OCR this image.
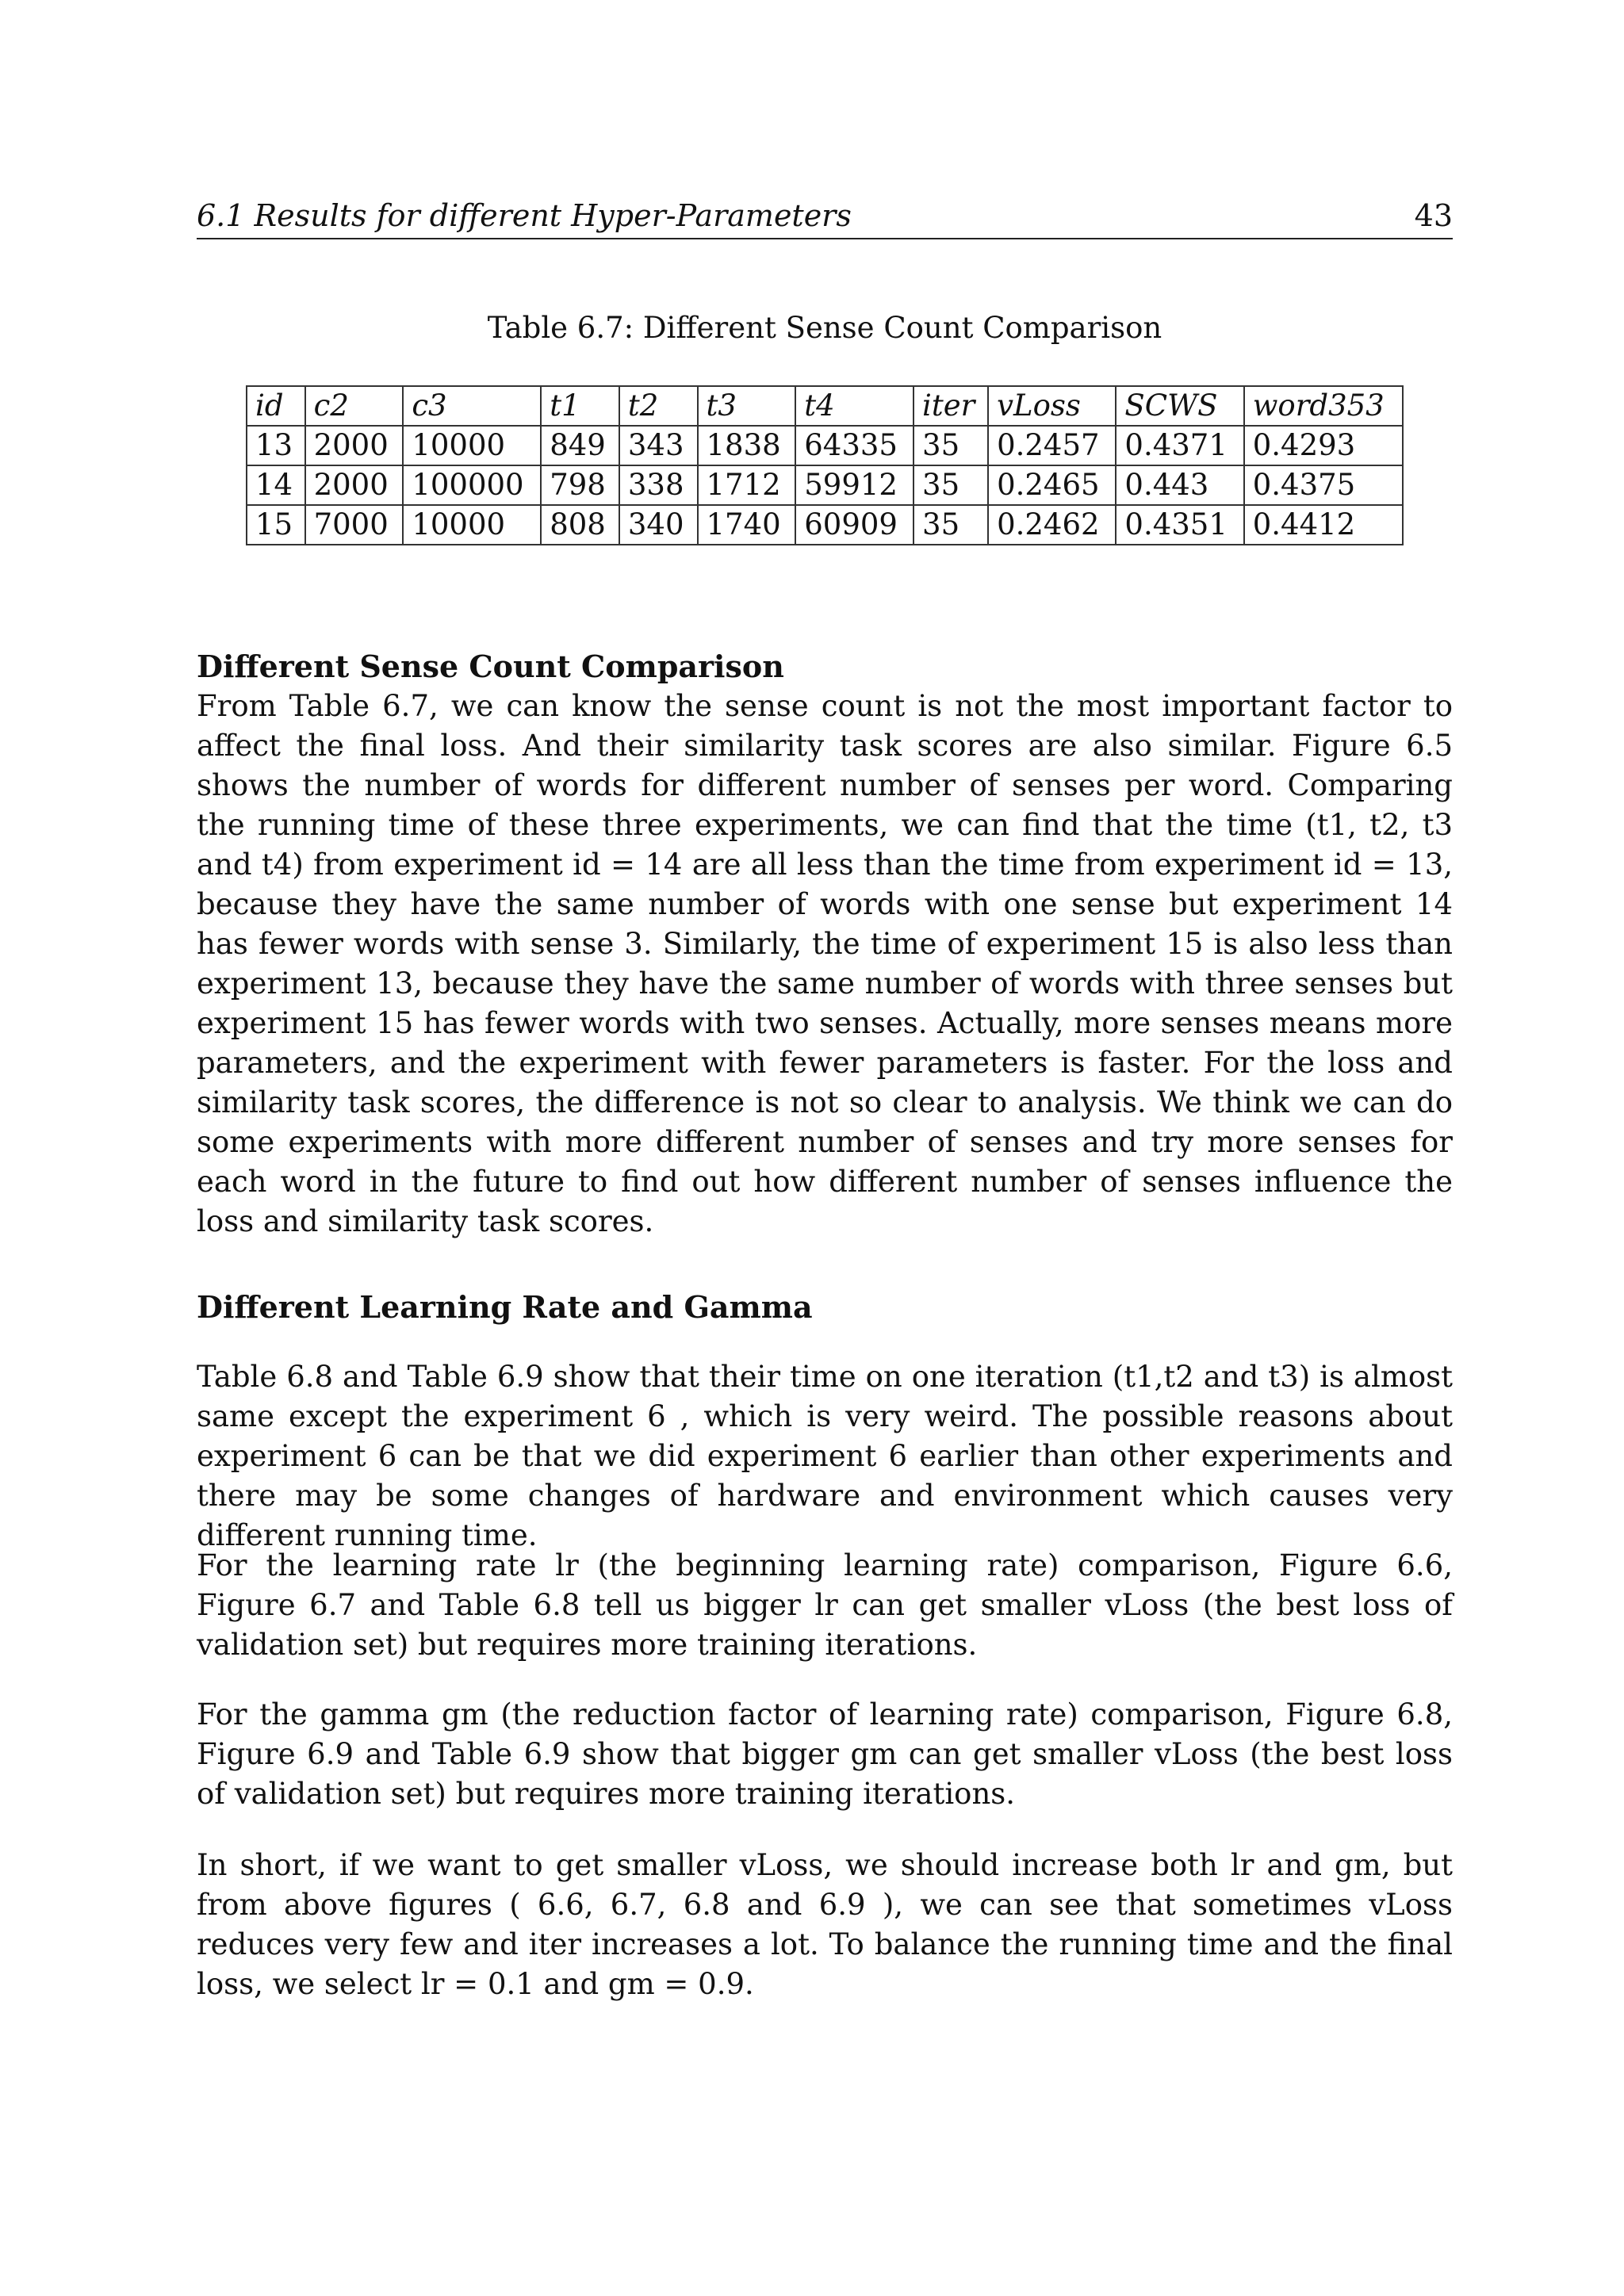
6.1 Results for different Hyper-Parameters	43
Table 6.7: Different Sense Count Comparison
id	c2	c3	t1	t2	t3	t4	iter	vLoss	SCWS	word353
13	2000	10000	849	343	1838	64335	35	0.2457	0.4371	0.4293
14	2000	100000	798	338	1712	59912	35	0.2465	0.443	0.4375
15	7000	10000	808	340	1740	60909	35	0.2462	0.4351	0.4412
Different Sense Count Comparison
From Table 6.7, we can know the sense count is not the most important factor to affect the final loss. And their similarity task scores are also similar. Figure 6.5 shows the number of words for different number of senses per word. Comparing the running time of these three experiments, we can find that the time (t1, t2, t3 and t4) from experiment id = 14 are all less than the time from experiment id = 13, because they have the same number of words with one sense but experiment 14 has fewer words with sense 3. Similarly, the time of experiment 15 is also less than experiment 13, because they have the same number of words with three senses but experiment 15 has fewer words with two senses. Actually, more senses means more parameters, and the experiment with fewer parameters is faster. For the loss and similarity task scores, the difference is not so clear to analysis. We think we can do some experiments with more different number of senses and try more senses for each word in the future to find out how different number of senses influence the loss and similarity task scores.
Different Learning Rate and Gamma
Table 6.8 and Table 6.9 show that their time on one iteration (t1,t2 and t3) is almost same except the experiment 6 , which is very weird. The possible reasons about experiment 6 can be that we did experiment 6 earlier than other experiments and there may be some changes of hardware and environment which causes very different running time.
For the learning rate lr (the beginning learning rate) comparison, Figure 6.6, Figure 6.7 and Table 6.8 tell us bigger lr can get smaller vLoss (the best loss of validation set) but requires more training iterations.
For the gamma gm (the reduction factor of learning rate) comparison, Figure 6.8, Figure 6.9 and Table 6.9 show that bigger gm can get smaller vLoss (the best loss of validation set) but requires more training iterations.
In short, if we want to get smaller vLoss, we should increase both lr and gm, but from above figures ( 6.6, 6.7, 6.8 and 6.9 ), we can see that sometimes vLoss reduces very few and iter increases a lot. To balance the running time and the final loss, we select lr = 0.1 and gm = 0.9.
